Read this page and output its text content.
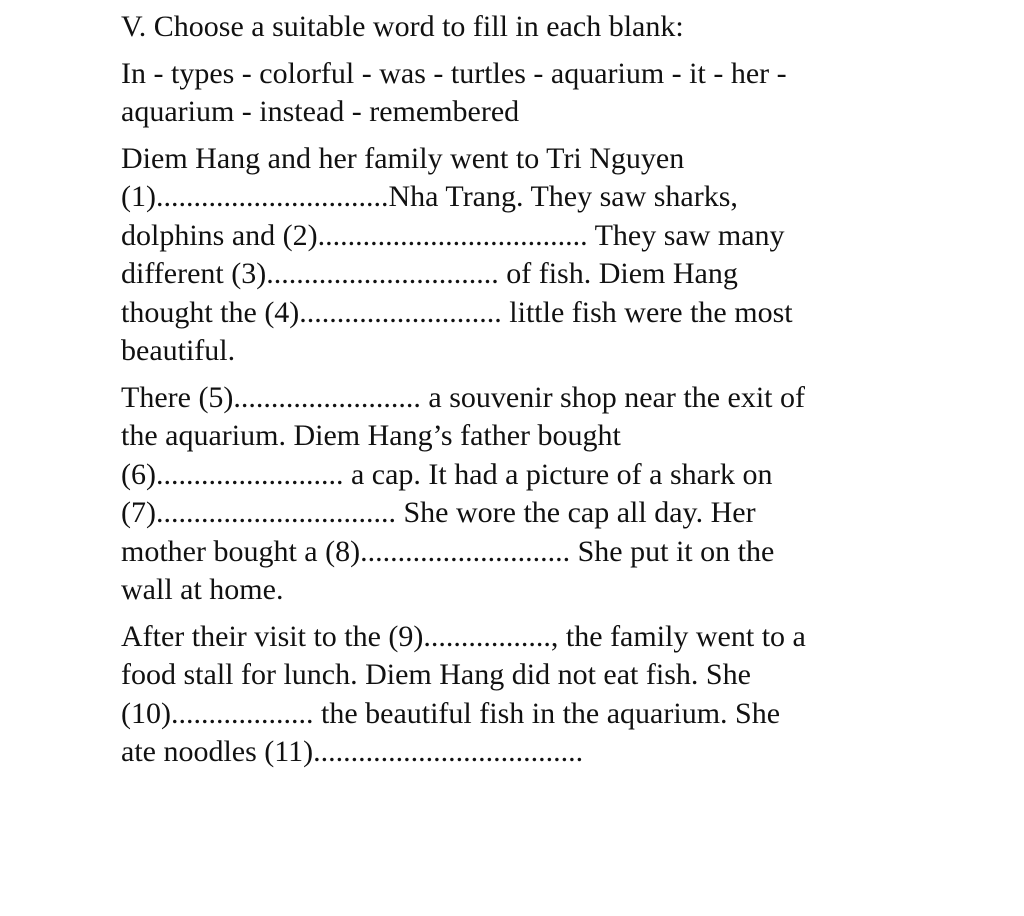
V. Choose a suitable word to fill in each blank:
In - types - colorful - was - turtles - aquarium - it - her -
aquarium - instead - remembered
Diem Hang and her family went to Tri Nguyen
(1)...............................Nha Trang. They saw sharks,
dolphins and (2).................................... They saw many
different (3)............................... of fish. Diem Hang
thought the (4)........................... little fish were the most
beautiful.
There (5)......................... a souvenir shop near the exit of
the aquarium. Diem Hang’s father bought
(6)......................... a cap. It had a picture of a shark on
(7)................................ She wore the cap all day. Her
mother bought a (8)............................ She put it on the
wall at home.
After their visit to the (9)................., the family went to a
food stall for lunch. Diem Hang did not eat fish. She
(10)................... the beautiful fish in the aquarium. She
ate noodles (11)....................................
